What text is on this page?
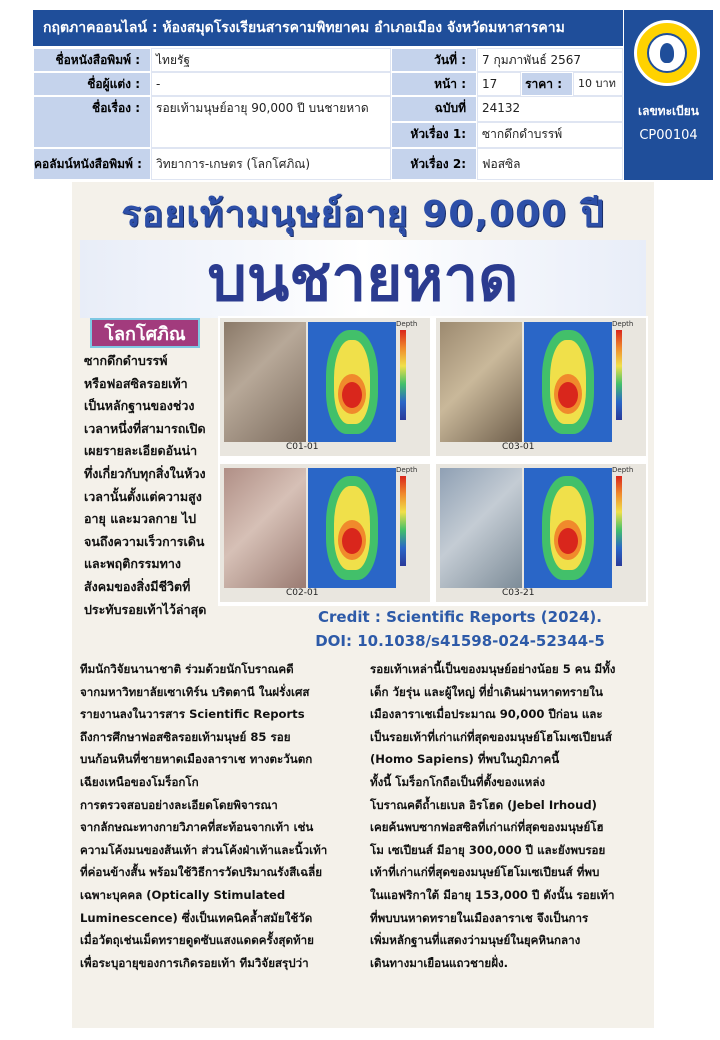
กฤตภาคออนไลน์ : ห้องสมุดโรงเรียนสารคามพิทยาคม อำเภอเมือง จังหวัดมหาสารคาม
เลขทะเบียน
CP00104
ชื่อหนังสือพิมพ์ :	ไทยรัฐ	วันที่ :	7 กุมภาพันธ์ 2567
ชื่อผู้แต่ง :	-	หน้า :	17	ราคา :	10 บาท
ชื่อเรื่อง :	รอยเท้ามนุษย์อายุ 90,000 ปี บนชายหาด	ฉบับที่	24132
หัวเรื่อง 1:	ซากดึกดำบรรพ์
คอลัมน์หนังสือพิมพ์ :	วิทยาการ-เกษตร (โลกโศภิณ)	หัวเรื่อง 2:	ฟอสซิล
รอยเท้ามนุษย์อายุ 90,000 ปี
บนชายหาด
โลกโศภิณ	Depth
C01-01
Depth
C03-01
Depth
C02-01
Depth
C03-21
Credit : Scientific Reports (2024).
DOI: 10.1038/s41598-024-52344-5

ซากดึกดำบรรพ์

หรือฟอสซิลรอยเท้า

เป็นหลักฐานของช่วง

เวลาหนึ่งที่สามารถเปิด

เผยรายละเอียดอันน่า

ทึ่งเกี่ยวกับทุกสิ่งในห้วง

เวลานั้นตั้งแต่ความสูง

อายุ และมวลกาย ไป

จนถึงความเร็วการเดิน

และพฤติกรรมทาง

สังคมของสิ่งมีชีวิตที่

ประทับรอยเท้าไว้ล่าสุด

ทีมนักวิจัยนานาชาติ ร่วมด้วยนักโบราณคดี

จากมหาวิทยาลัยเซาเทิร์น บริตตานี ในฝรั่งเศส

รายงานลงในวารสาร Scientific Reports

ถึงการศึกษาฟอสซิลรอยเท้ามนุษย์ 85 รอย

บนก้อนหินที่ชายหาดเมืองลาราเช ทางตะวันตก

เฉียงเหนือของโมร็อกโก

การตรวจสอบอย่างละเอียดโดยพิจารณา

จากลักษณะทางกายวิภาคที่สะท้อนจากเท้า เช่น

ความโค้งมนของส้นเท้า ส่วนโค้งฝ่าเท้าและนิ้วเท้า

ที่ค่อนข้างสั้น พร้อมใช้วิธีการวัดปริมาณรังสีเฉลี่ย

เฉพาะบุคคล (Optically Stimulated

Luminescence) ซึ่งเป็นเทคนิคล้ำสมัยใช้วัด

เมื่อวัตถุเช่นเม็ดทรายดูดซับแสงแดดครั้งสุดท้าย

เพื่อระบุอายุของการเกิดรอยเท้า ทีมวิจัยสรุปว่า

รอยเท้าเหล่านี้เป็นของมนุษย์อย่างน้อย 5 คน มีทั้ง

เด็ก วัยรุ่น และผู้ใหญ่ ที่ย่ำเดินผ่านหาดทรายใน

เมืองลาราเชเมื่อประมาณ 90,000 ปีก่อน และ

เป็นรอยเท้าที่เก่าแก่ที่สุดของมนุษย์โฮโมเซเปียนส์

(Homo Sapiens) ที่พบในภูมิภาคนี้

ทั้งนี้ โมร็อกโกถือเป็นที่ตั้งของแหล่ง

โบราณคดีถ้ำเยเบล อิรโฮด (Jebel Irhoud)

เคยค้นพบซากฟอสซิลที่เก่าแก่ที่สุดของมนุษย์โฮ

โม เซเปียนส์ มีอายุ 300,000 ปี และยังพบรอย

เท้าที่เก่าแก่ที่สุดของมนุษย์โฮโมเซเปียนส์ ที่พบ

ในแอฟริกาใต้ มีอายุ 153,000 ปี ดังนั้น รอยเท้า

ที่พบบนหาดทรายในเมืองลาราเช จึงเป็นการ

เพิ่มหลักฐานที่แสดงว่ามนุษย์ในยุคหินกลาง

เดินทางมาเยือนแถวชายฝั่ง.
